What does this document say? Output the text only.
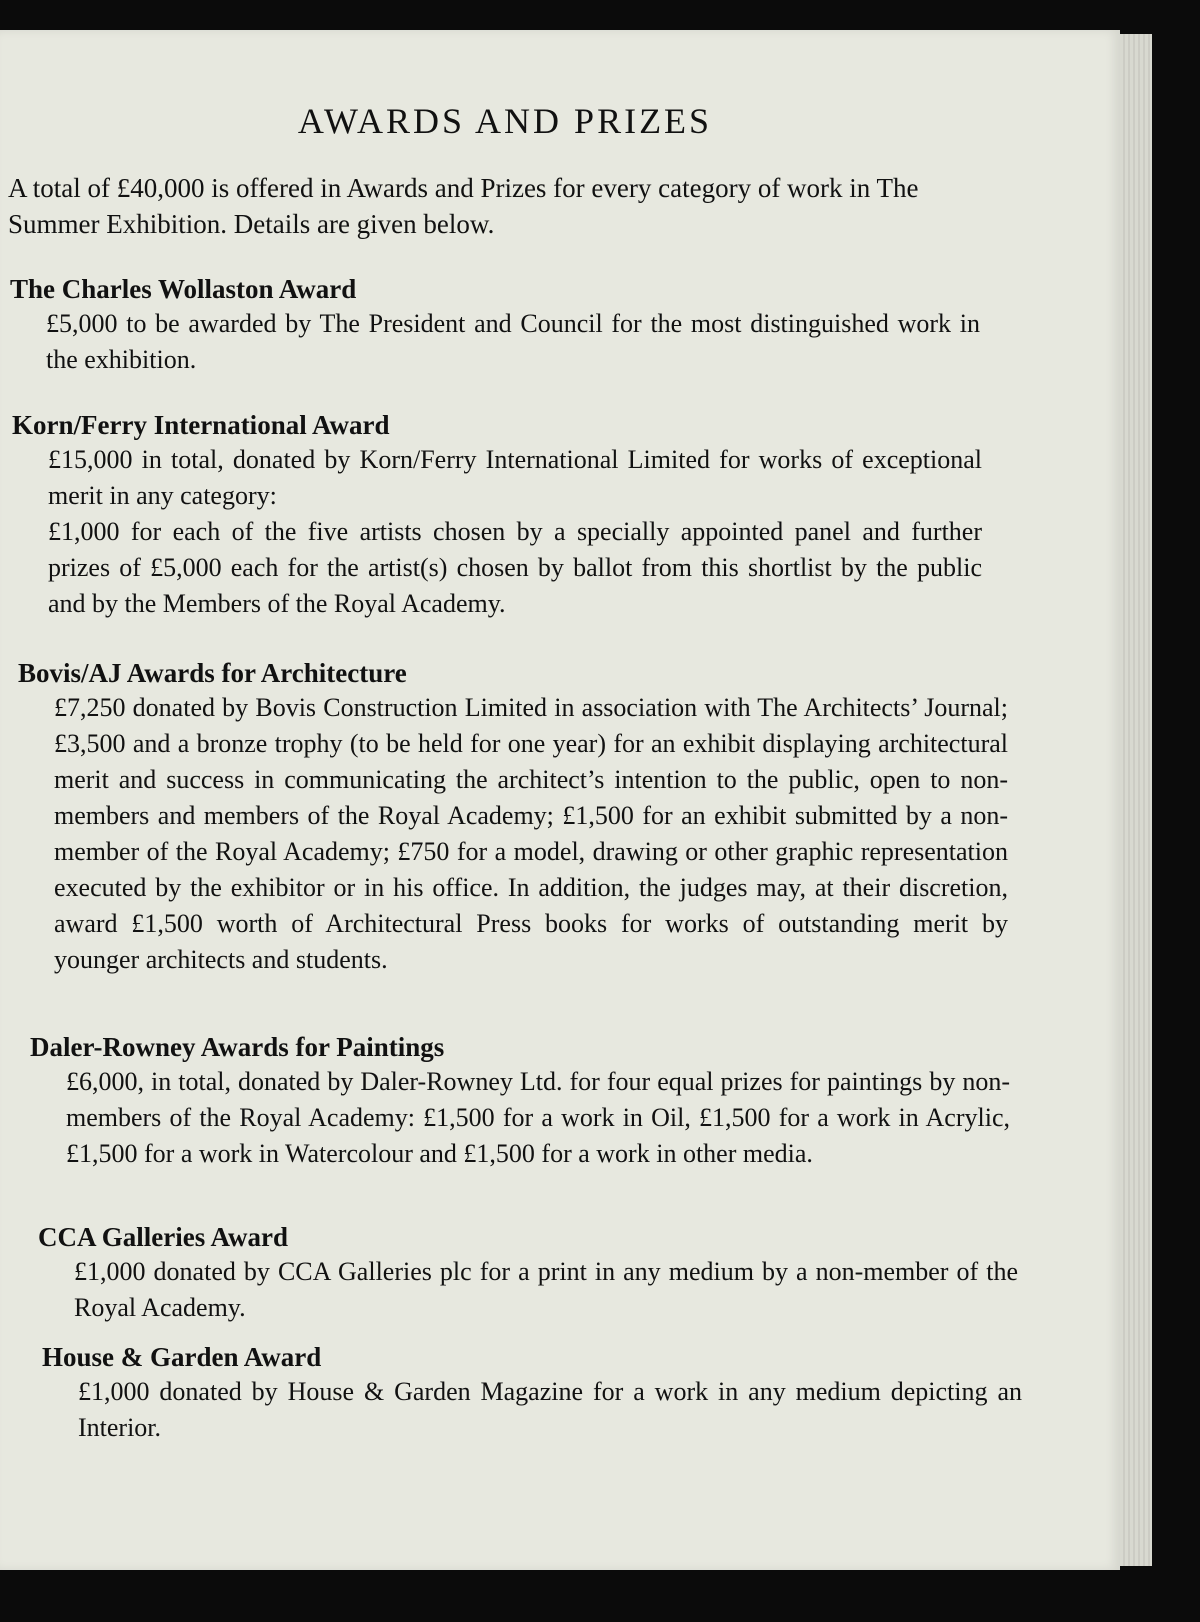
AWARDS AND PRIZES

A total of £40,000 is offered in Awards and Prizes for every category of work in The Summer Exhibition. Details are given below.

The Charles Wollaston Award

£5,000 to be awarded by The President and Council for the most distinguished work in the exhibition.

Korn/Ferry International Award

£15,000 in total, donated by Korn/Ferry International Limited for works of exceptional merit in any category:

£1,000 for each of the five artists chosen by a specially appointed panel and further prizes of £5,000 each for the artist(s) chosen by ballot from this shortlist by the public and by the Members of the Royal Academy.

Bovis/AJ Awards for Architecture

£7,250 donated by Bovis Construction Limited in association with The Architects’ Journal; £3,500 and a bronze trophy (to be held for one year) for an exhibit displaying architectural merit and success in communicating the architect’s intention to the public, open to non-members and members of the Royal Academy; £1,500 for an exhibit submitted by a non-member of the Royal Academy; £750 for a model, drawing or other graphic representation executed by the exhibitor or in his office. In addition, the judges may, at their discretion, award £1,500 worth of Architectural Press books for works of outstanding merit by younger architects and students.

Daler-Rowney Awards for Paintings

£6,000, in total, donated by Daler-Rowney Ltd. for four equal prizes for paintings by non-members of the Royal Academy: £1,500 for a work in Oil, £1,500 for a work in Acrylic, £1,500 for a work in Watercolour and £1,500 for a work in other media.

CCA Galleries Award

£1,000 donated by CCA Galleries plc for a print in any medium by a non-member of the Royal Academy.

House & Garden Award

£1,000 donated by House & Garden Magazine for a work in any medium depicting an Interior.
